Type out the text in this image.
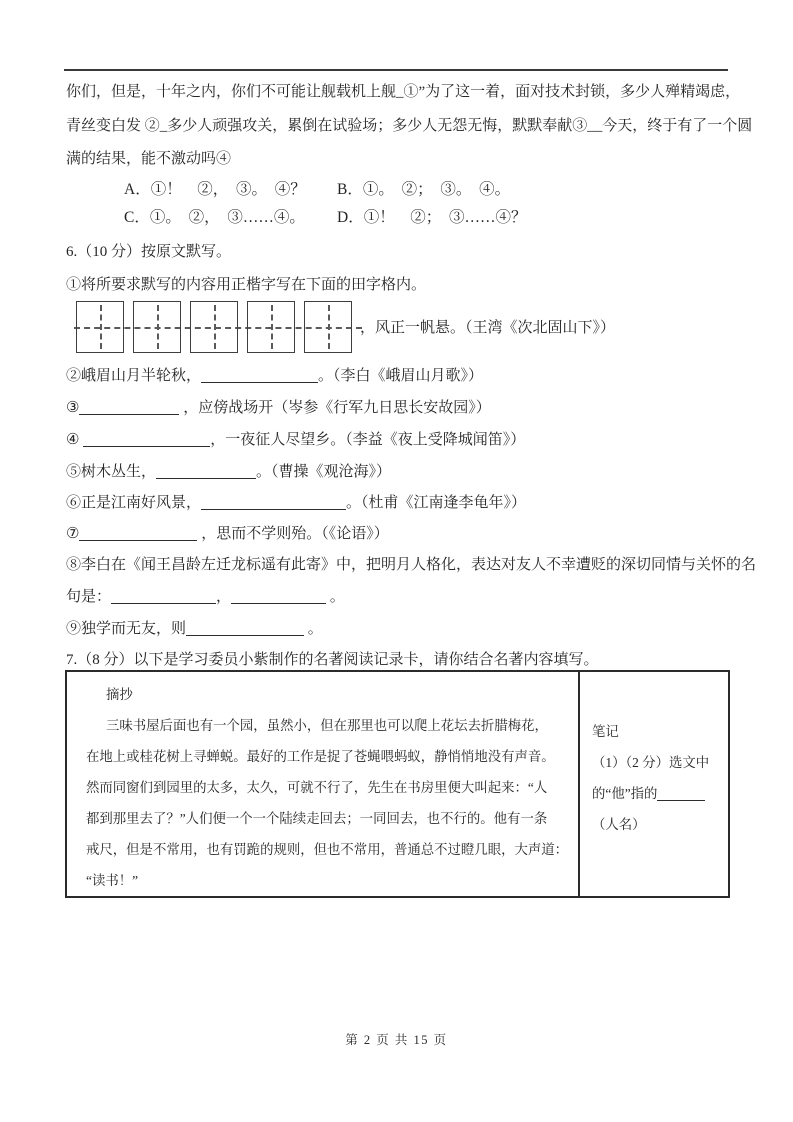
你们，但是，十年之内，你们不可能让舰载机上舰_①”为了这一着，面对技术封锁，多少人殚精竭虑，
青丝变白发 ②_多少人顽强攻关，累倒在试验场；多少人无怨无悔，默默奉献③__今天，终于有了一个圆
满的结果，能不激动吗④
A．①！　②，　③。　④？	B．①。　②；　③。　④。
C．①。　②，　③……④。	D．①！　②；　③……④？
6.（10 分）按原文默写。
①将所要求默写的内容用正楷字写在下面的田字格内。
，风正一帆悬。（王湾《次北固山下》）
②峨眉山月半轮秋，	。（李白《峨眉山月歌》）
③	，应傍战场开（岑参《行军九日思长安故园》）
④	，一夜征人尽望乡。（李益《夜上受降城闻笛》）
⑤树木丛生，	。（曹操《观沧海》）
⑥正是江南好风景，	。（杜甫《江南逢李龟年》）
⑦	，思而不学则殆。（《论语》）
⑧李白在《闻王昌龄左迁龙标遥有此寄》中，把明月人格化，表达对友人不幸遭贬的深切同情与关怀的名
句是：	，	。
⑨独学而无友，则	。
7.（8 分）以下是学习委员小紫制作的名著阅读记录卡，请你结合名著内容填写。
摘抄
三味书屋后面也有一个园，虽然小，但在那里也可以爬上花坛去折腊梅花，
在地上或桂花树上寻蝉蜕。最好的工作是捉了苍蝇喂蚂蚁，静悄悄地没有声音。
然而同窗们到园里的太多，太久，可就不行了，先生在书房里便大叫起来：“人
都到那里去了？”人们便一个一个陆续走回去；一同回去，也不行的。他有一条
戒尺，但是不常用，也有罚跪的规则，但也不常用，普通总不过瞪几眼，大声道：
“读书！”
笔记
（1）（2 分）选文中
的“他”指的
（人名）
第 2 页 共 15 页
